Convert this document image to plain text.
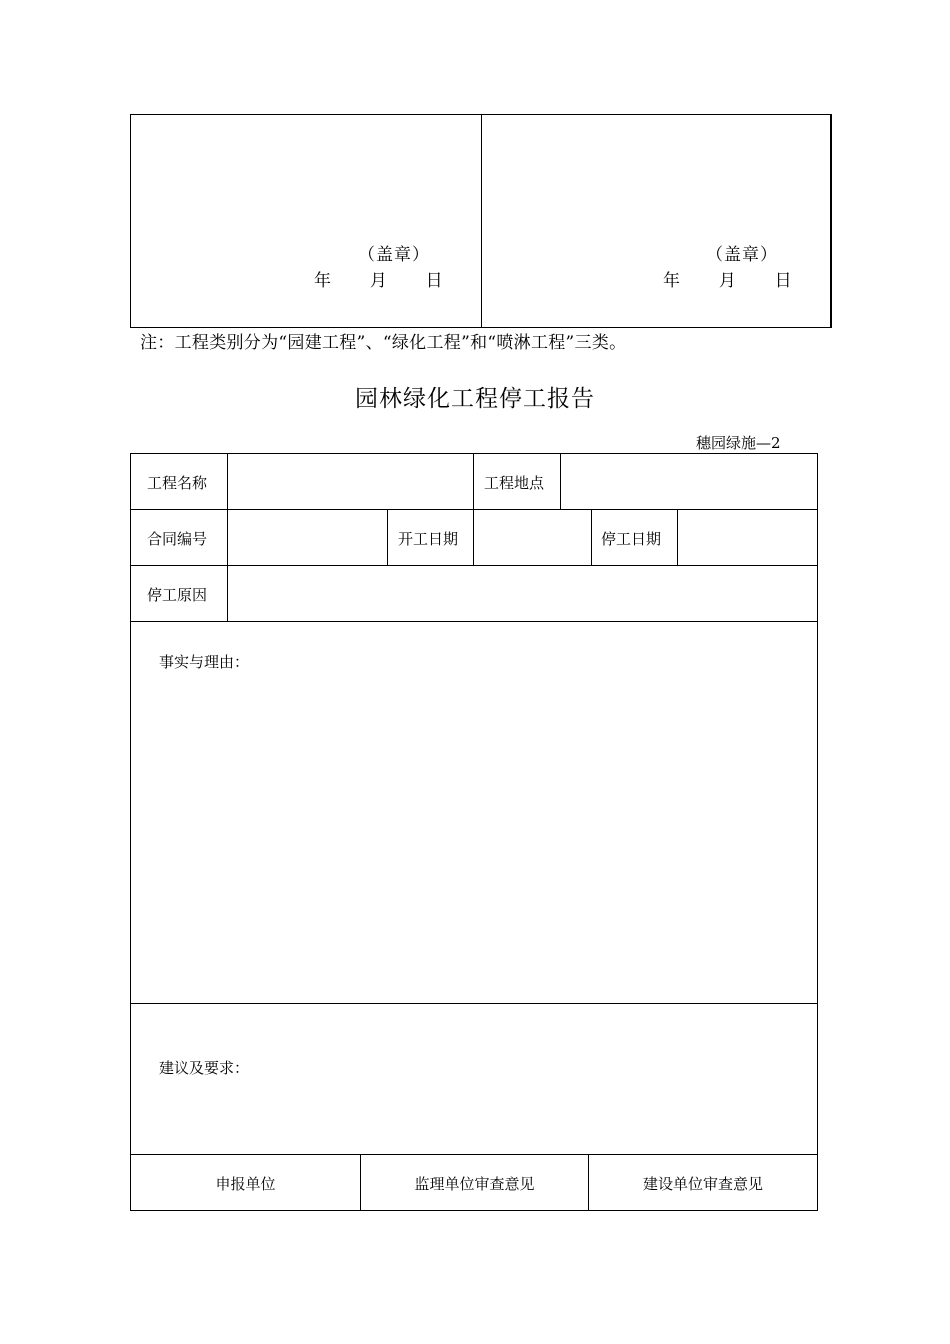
（盖章）
年 月 日
（盖章）
年 月 日
注：工程类别分为“园建工程”、“绿化工程”和“喷淋工程”三类。
园林绿化工程停工报告
穗园绿施—2
工程名称	工程地点
合同编号	开工日期	停工日期
停工原因
事实与理由：
建议及要求：
申报单位	监理单位审查意见	建设单位审查意见
